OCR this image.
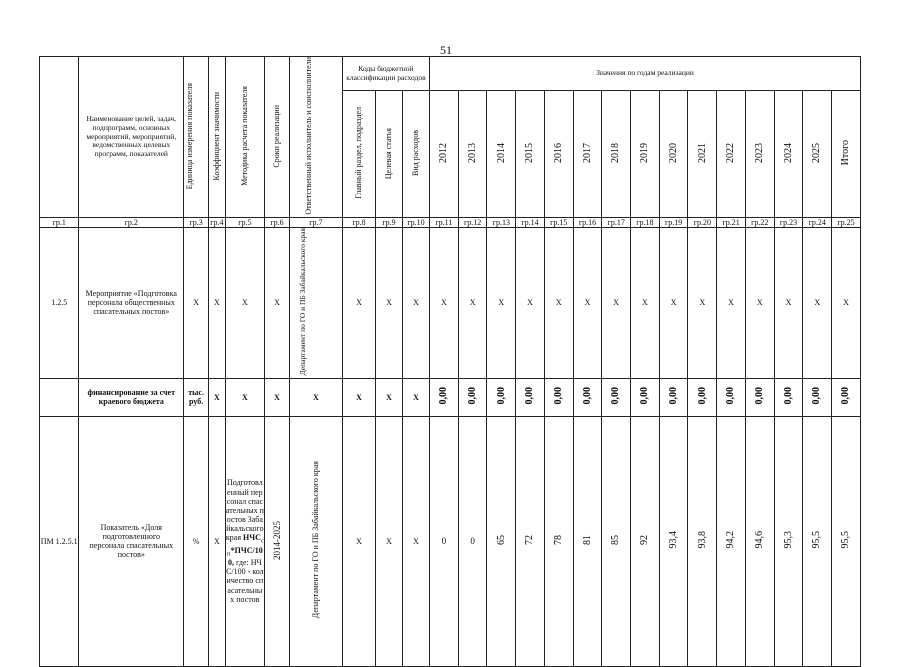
51
	Наименование целей, задач, подпрограмм, основных мероприятий, мероприятий, ведомственных целевых программ, показателей	Единица измерения показателя	Коэффициент значимости	Методика расчета показателя	Сроки реализации	Ответственный исполнитель и соисполнители	Коды бюджетной классификации расходов			Значения по годам реализации														
							Главный раздел, подраздел	Целевая статья	Вид расходов	2012	2013	2014	2015	2016	2017	2018	2019	2020	2021	2022	2023	2024	2025	Итого
гр.1	гр.2	гр.3	гр.4	гр.5	гр.6	гр.7	гр.8	гр.9	гр.10	гр.11	гр.12	гр.13	гр.14	гр.15	гр.16	гр.17	гр.18	гр.19	гр.20	гр.21	гр.22	гр.23	гр.24	гр.25
1.2.5	Мероприятие «Подготовка персонала общественных спасательных постов»	Х	Х	Х	Х	Департамент по ГО и ПБ Забайкальского края	Х	Х	Х	Х	Х	Х	Х	Х	Х	Х	Х	Х	Х	Х	Х	Х	Х	Х
	финансирование за счет краевого бюджета	тыс. руб.	Х	Х	Х	Х	Х	Х	Х	0,00	0,00	0,00	0,00	0,00	0,00	0,00	0,00	0,00	0,00	0,00	0,00	0,00	0,00	0,00
ПМ 1.2.5.1	Показатель «Доля подготовленного персонала спасательных постов»	%	Х	Подготовленный персонал спасательных постов Забайкальского края $НЧС_{сп}*ПЧС/100$, где: НЧС/100 - количество спасательных постов	2014-2025	Департамент по ГО и ПБ Забайкальского края	Х	Х	Х	0	0	65	72	78	81	85	92	93,4	93,8	94,2	94,6	95,3	95,5	95,5
